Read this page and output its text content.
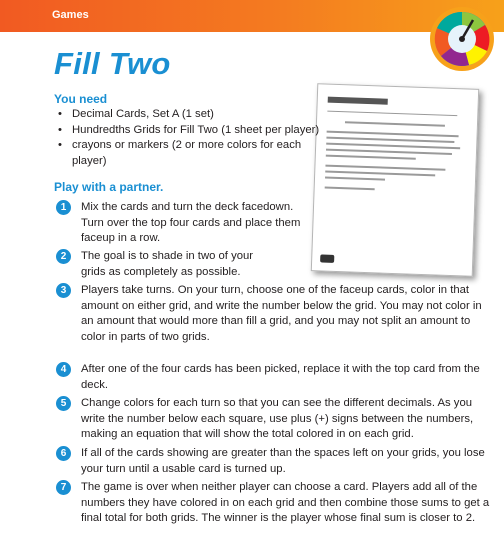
Games
Fill Two
You need
• Decimal Cards, Set A (1 set)
• Hundredths Grids for Fill Two (1 sheet per player)
• crayons or markers (2 or more colors for each player)
Play with a partner.
1	Mix the cards and turn the deck facedown. Turn over the top four cards and place them faceup in a row.
2	The goal is to shade in two of your grids as completely as possible.
3	Players take turns. On your turn, choose one of the faceup cards, color in that amount on either grid, and write the number below the grid. You may not color in an amount that would more than fill a grid, and you may not split an amount to color in parts of two grids.
4	After one of the four cards has been picked, replace it with the top card from the deck.
5	Change colors for each turn so that you can see the different decimals. As you write the number below each square, use plus (+) signs between the numbers, making an equation that will show the total colored in on each grid.
6	If all of the cards showing are greater than the spaces left on your grids, you lose your turn until a usable card is turned up.
7	The game is over when neither player can choose a card. Players add all of the numbers they have colored in on each grid and then combine those sums to get a final total for both grids. The winner is the player whose final sum is closer to 2.
